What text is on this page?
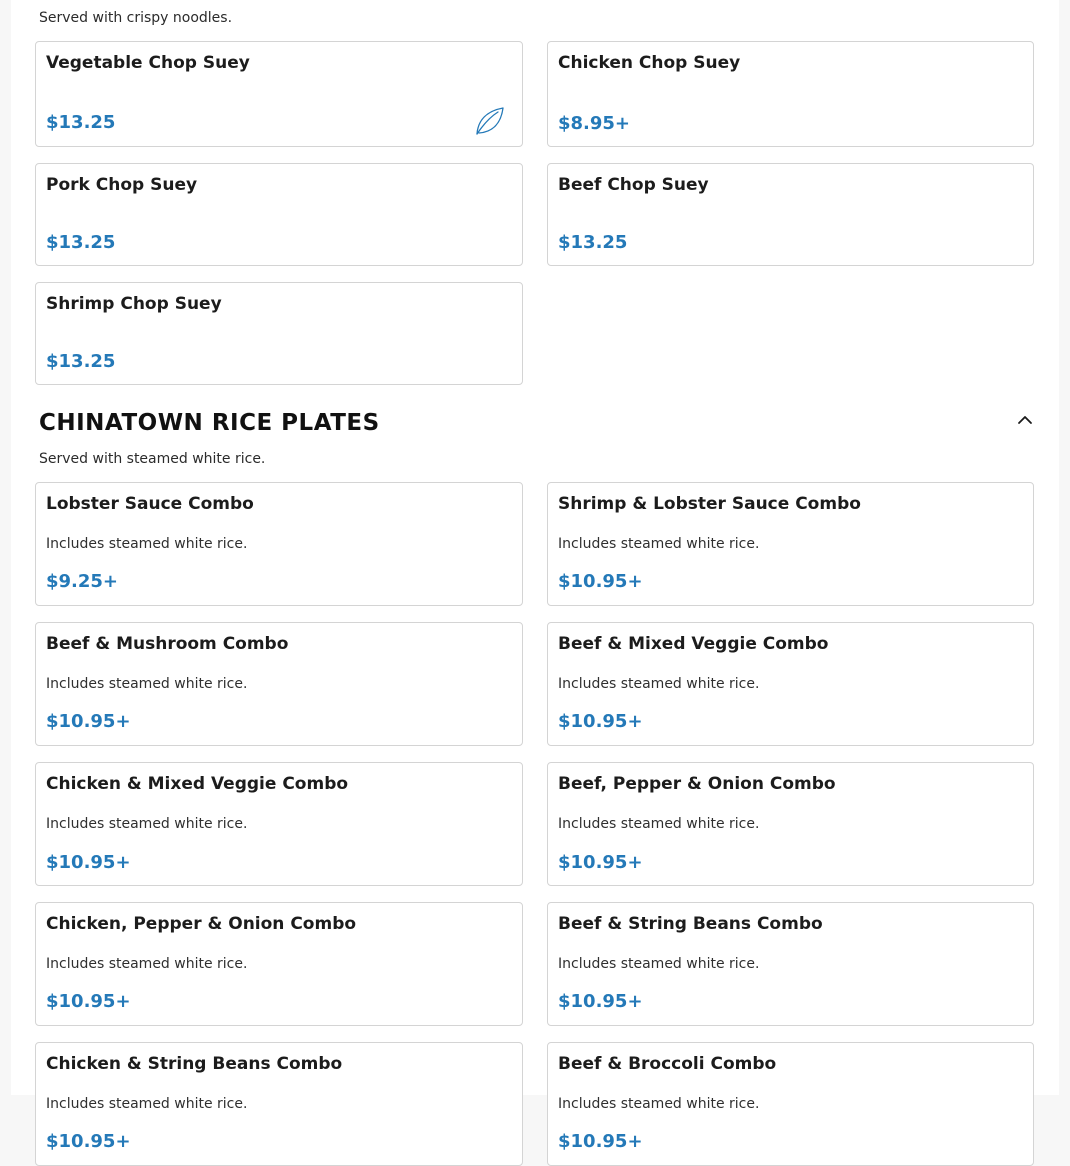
Served with crispy noodles.
Vegetable Chop Suey
$13.25
Chicken Chop Suey
$8.95+
Pork Chop Suey
$13.25
Beef Chop Suey
$13.25
Shrimp Chop Suey
$13.25
CHINATOWN RICE PLATES
Served with steamed white rice.
Lobster Sauce Combo
Includes steamed white rice.
$9.25+
Shrimp & Lobster Sauce Combo
Includes steamed white rice.
$10.95+
Beef & Mushroom Combo
Includes steamed white rice.
$10.95+
Beef & Mixed Veggie Combo
Includes steamed white rice.
$10.95+
Chicken & Mixed Veggie Combo
Includes steamed white rice.
$10.95+
Beef, Pepper & Onion Combo
Includes steamed white rice.
$10.95+
Chicken, Pepper & Onion Combo
Includes steamed white rice.
$10.95+
Beef & String Beans Combo
Includes steamed white rice.
$10.95+
Chicken & String Beans Combo
Includes steamed white rice.
$10.95+
Beef & Broccoli Combo
Includes steamed white rice.
$10.95+
